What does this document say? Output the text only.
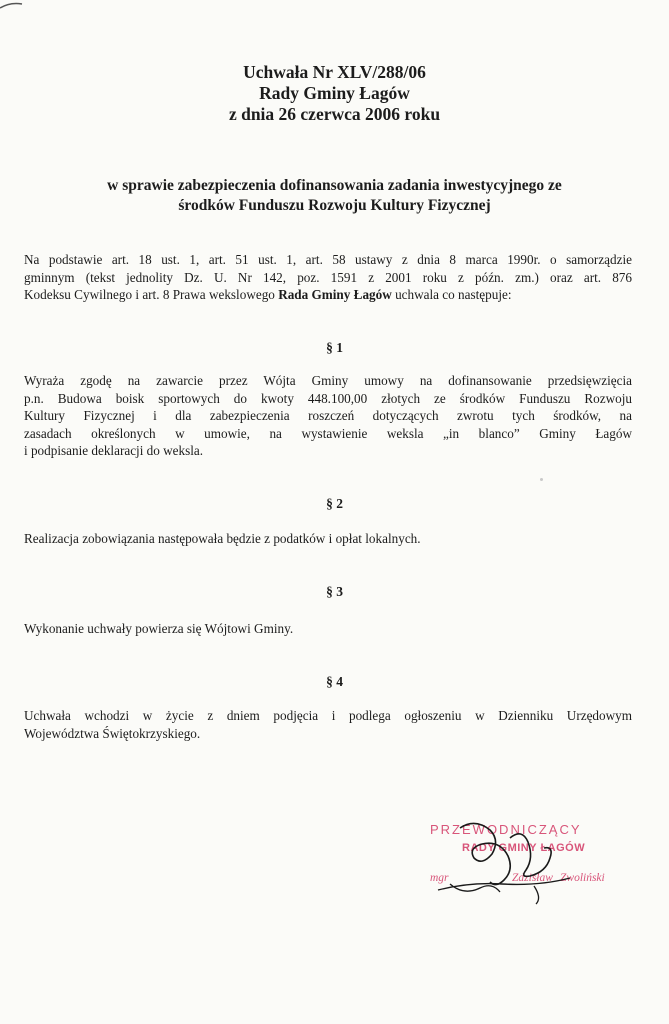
Uchwała Nr XLV/288/06
Rady Gminy Łagów
z dnia 26 czerwca 2006 roku
w sprawie zabezpieczenia dofinansowania zadania inwestycyjnego ze
środków Funduszu Rozwoju Kultury Fizycznej
Na podstawie art. 18 ust. 1, art. 51 ust. 1, art. 58 ustawy z dnia 8 marca 1990r. o samorządzie
gminnym (tekst jednolity Dz. U. Nr 142, poz. 1591 z 2001 roku z późn. zm.) oraz art. 876
Kodeksu Cywilnego i art. 8 Prawa wekslowego Rada Gminy Łagów uchwala co następuje:
§ 1
Wyraża zgodę na zawarcie przez Wójta Gminy umowy na dofinansowanie przedsięwzięcia
p.n. Budowa boisk sportowych do kwoty 448.100,00 złotych ze środków Funduszu Rozwoju
Kultury Fizycznej i dla zabezpieczenia roszczeń dotyczących zwrotu tych środków, na
zasadach określonych w umowie, na wystawienie weksla „in blanco” Gminy Łagów
i podpisanie deklaracji do weksla.
§ 2
Realizacja zobowiązania następowała będzie z podatków i opłat lokalnych.
§ 3
Wykonanie uchwały powierza się Wójtowi Gminy.
§ 4
Uchwała wchodzi w życie z dniem podjęcia i podlega ogłoszeniu w Dzienniku Urzędowym
Województwa Świętokrzyskiego.
PRZEWODNICZĄCY
RADY GMINY ŁAGÓW
mgr	Zdzisław Zwoliński
